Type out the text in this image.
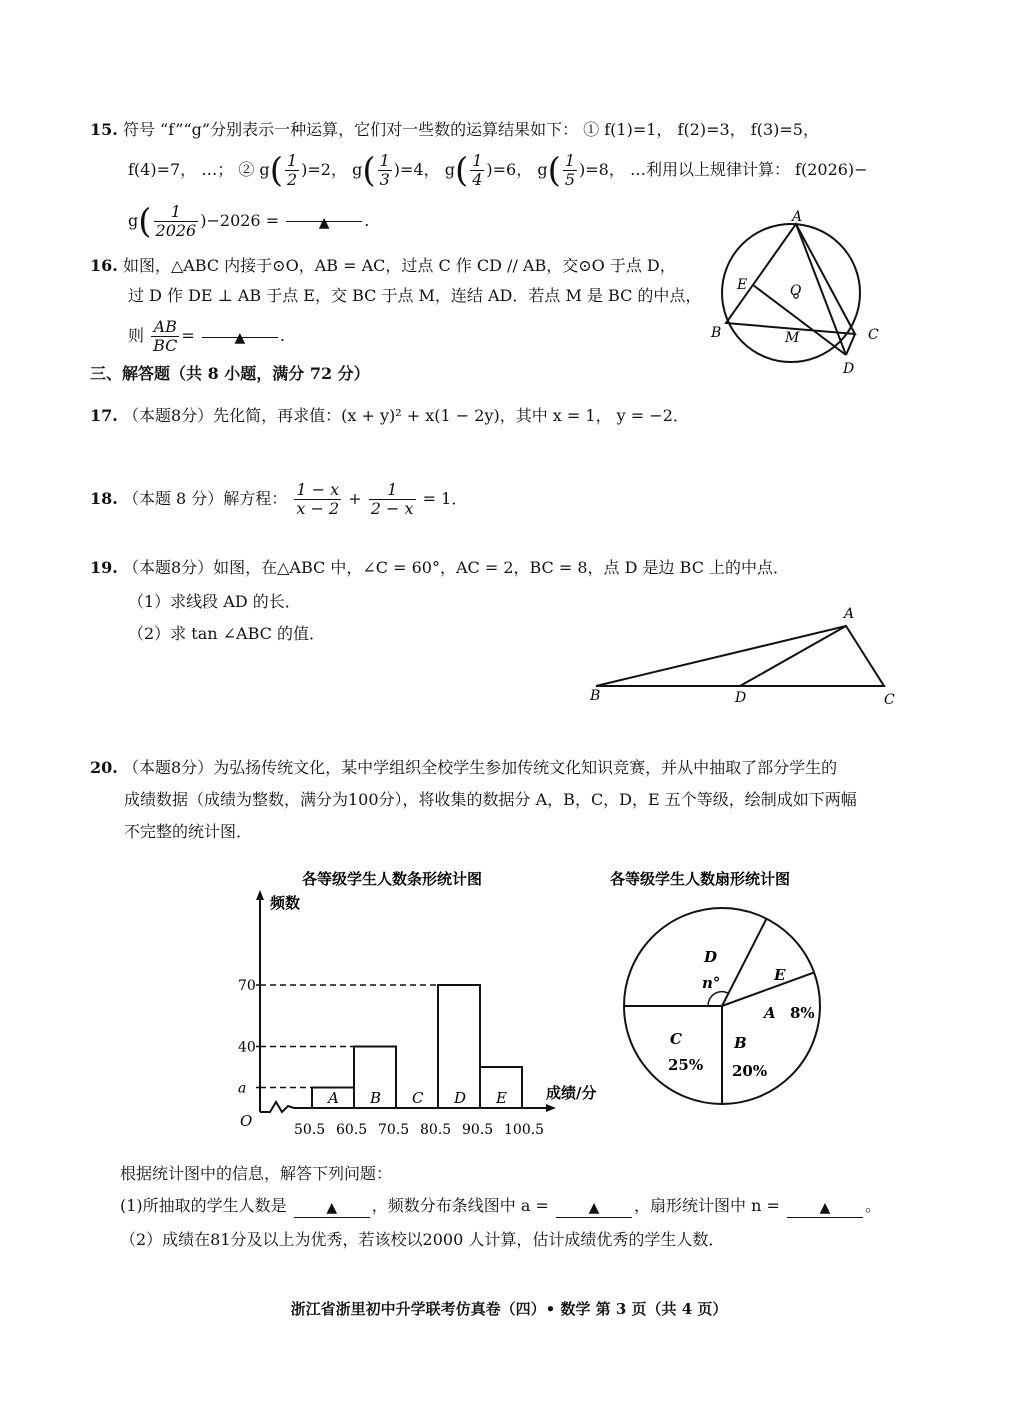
15. 符号 “f”“g”分别表示一种运算，它们对一些数的运算结果如下： ① f(1)=1， f(2)=3， f(3)=5，
f(4)=7， …； ② $g( \frac{1}{2} )=2$， $g( \frac{1}{3} )=4$， $g( \frac{1}{4} )=6$， $g( \frac{1}{5} )=8$， …利用以上规律计算： f(2026)−
$g( \frac{1}{2026} )-2026$ =	▲ .
16. 如图，△ABC 内接于⊙O，AB = AC，过点 C 作 CD // AB，交⊙O 于点 D，
过 D 作 DE ⊥ AB 于点 E，交 BC 于点 M，连结 AD．若点 M 是 BC 的中点，
则 $\frac{AB}{BC}$ =	▲ .
A
E	O
B	M	C
D
三、解答题（共 8 小题，满分 72 分）
17. （本题8分）先化简，再求值：(x + y)² + x(1 − 2y)，其中 x = 1， y = −2．
18. （本题 8 分）解方程： $\frac{1 - x}{x - 2} + \frac{1}{2 - x} = 1$．
19. （本题8分）如图，在△ABC 中，∠C = 60°，AC = 2，BC = 8，点 D 是边 BC 上的中点．
（1）求线段 AD 的长．
（2）求 tan ∠ABC 的值．
A
B	D	C
20. （本题8分）为弘扬传统文化，某中学组织全校学生参加传统文化知识竞赛，并从中抽取了部分学生的
成绩数据（成绩为整数，满分为100分），将收集的数据分 A，B，C，D，E 五个等级，绘制成如下两幅
不完整的统计图．
各等级学生人数条形统计图
A B C D E
a
40
70
50.5 60.5 70.5 80.5 90.5 100.5
频数
成绩/分
O
各等级学生人数扇形统计图
D
n°	E
A 8%
B
20%
C
25%
根据统计图中的信息，解答下列问题：
(1)所抽取的学生人数是	▲ ，频数分布条线图中 a =	▲ ，扇形统计图中 n =	▲ 。
（2）成绩在81分及以上为优秀，若该校以2000 人计算，估计成绩优秀的学生人数．
浙江省浙里初中升学联考仿真卷（四）• 数学 第 3 页（共 4 页）
